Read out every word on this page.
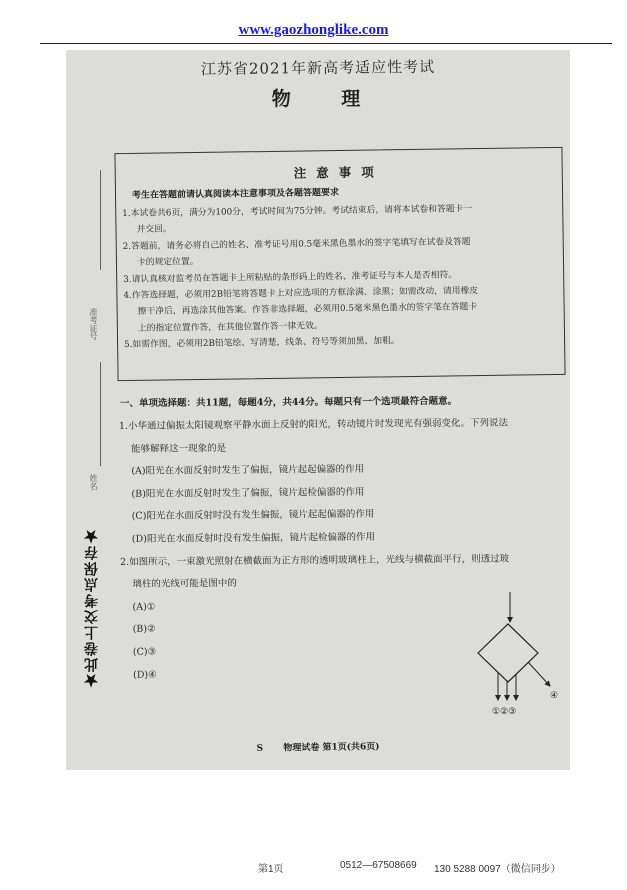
www.gaozhonglike.com
江苏省2021年新高考适应性考试
物 理
准考证号
姓名
★此卷上交考点保存★
注意事项
考生在答题前请认真阅读本注意事项及各题答题要求
1.本试卷共6页，满分为100分，考试时间为75分钟。考试结束后，请将本试卷和答题卡一
并交回。
2.答题前，请务必将自己的姓名、准考证号用0.5毫米黑色墨水的签字笔填写在试卷及答题
卡的规定位置。
3.请认真核对监考员在答题卡上所粘贴的条形码上的姓名、准考证号与本人是否相符。
4.作答选择题，必须用2B铅笔将答题卡上对应选项的方框涂满、涂黑；如需改动，请用橡皮
擦干净后，再选涂其他答案。作答非选择题，必须用0.5毫米黑色墨水的签字笔在答题卡
上的指定位置作答，在其他位置作答一律无效。
5.如需作图，必须用2B铅笔绘、写清楚，线条、符号等须加黑、加粗。
一、单项选择题：共11题，每题4分，共44分。每题只有一个选项最符合题意。
1.小华通过偏振太阳镜观察平静水面上反射的阳光，转动镜片时发现光有强弱变化。下列说法
能够解释这一现象的是
(A)阳光在水面反射时发生了偏振，镜片起起偏器的作用
(B)阳光在水面反射时发生了偏振，镜片起检偏器的作用
(C)阳光在水面反射时没有发生偏振，镜片起起偏器的作用
(D)阳光在水面反射时没有发生偏振，镜片起检偏器的作用
2.如图所示，一束激光照射在横截面为正方形的透明玻璃柱上，光线与横截面平行，则透过玻
璃柱的光线可能是图中的
(A)①
(B)②
(C)③
(D)④
①②③
④
S 物理试卷 第1页(共6页)
第1页	0512—67508669 130 5288 0097（微信同步）
